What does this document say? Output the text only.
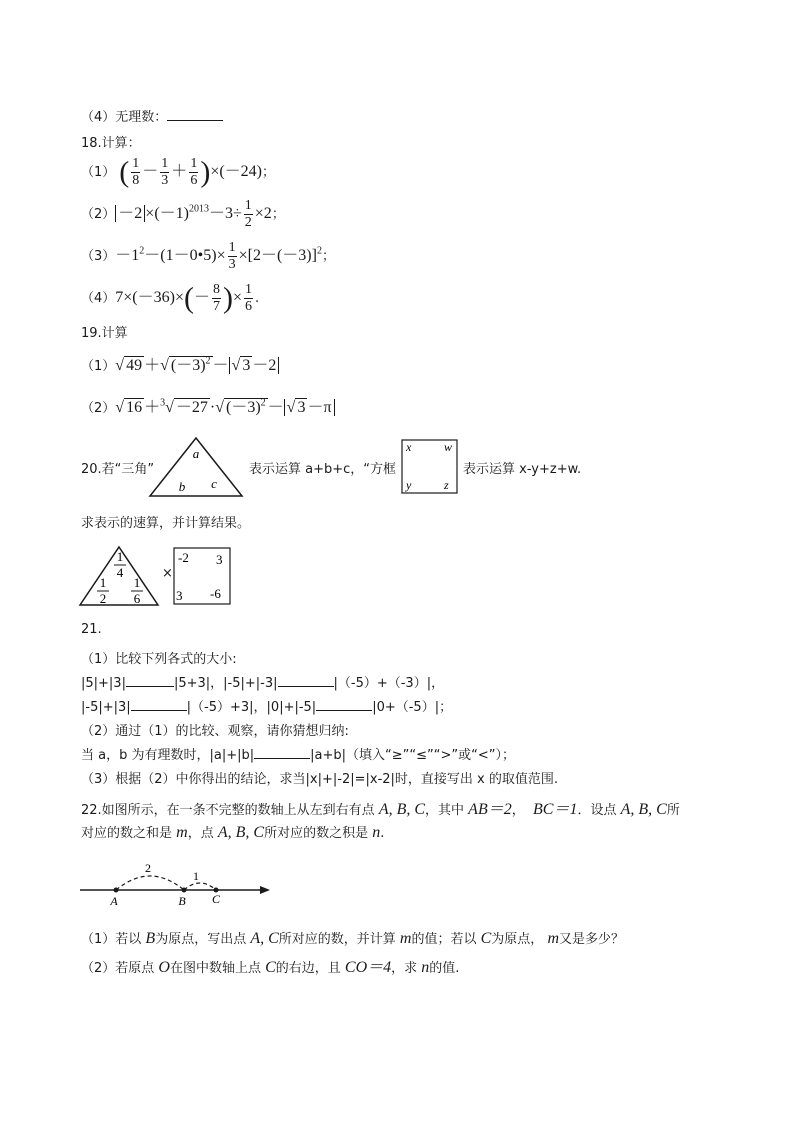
（4）无理数：
18.计算：
（1） ( $\frac{1}{8} - \frac{1}{3} + \frac{1}{6} )\times(-24)$；
$(2) -2 \times(-1)^{2013}-3\div \frac{1}{2} \times 2$；
$(3)-1^2-(1-0•5)\times \frac{1}{3} \times[2-(-3)]^2$；
$(4)7\times(-36)\times(- \frac{8}{7}$ )× $\frac{1}{6}$ .
19.计算
（1）√ 49 ＋√ $(-3)^2$ － √ 3 －2
（2）√ 16 ＋$^3$√ －27 ·√ $(-3)^2$ － √ 3 －π
20.若“三角”
a
b c
表示运算 a+b+c，“方框
x	w
y	z
表示运算 x-y+z+w.
求表示的速算，并计算结果。
1
4
1
2
1
6
×
-2 3
3 -6
21.
（1）比较下列各式的大小:
|5|+|3|	|5+3|，|-5|+|-3|	|（-5）+（-3）|，
|-5|+|3|	|（-5）+3|，|0|+|-5|	|0+（-5）|；
（2）通过（1）的比较、观察，请你猜想归纳:
当 a，b 为有理数时，|a|+|b|	|a+b|（填入“≥”“≤”“>”或“<”）；
（3）根据（2）中你得出的结论，求当|x|+|-2|=|x-2|时，直接写出 x 的取值范围.
22.如图所示，在一条不完整的数轴上从左到右有点 A, B, C，其中 AB＝2， BC＝1．设点 A, B, C所
对应的数之和是 m，点 A, B, C所对应的数之积是 n.
2
1
A	B C
（1）若以 B为原点，写出点 A, C所对应的数，并计算 m的值；若以 C为原点， m又是多少？
（2）若原点 O在图中数轴上点 C的右边，且 CO＝4，求 n的值.
